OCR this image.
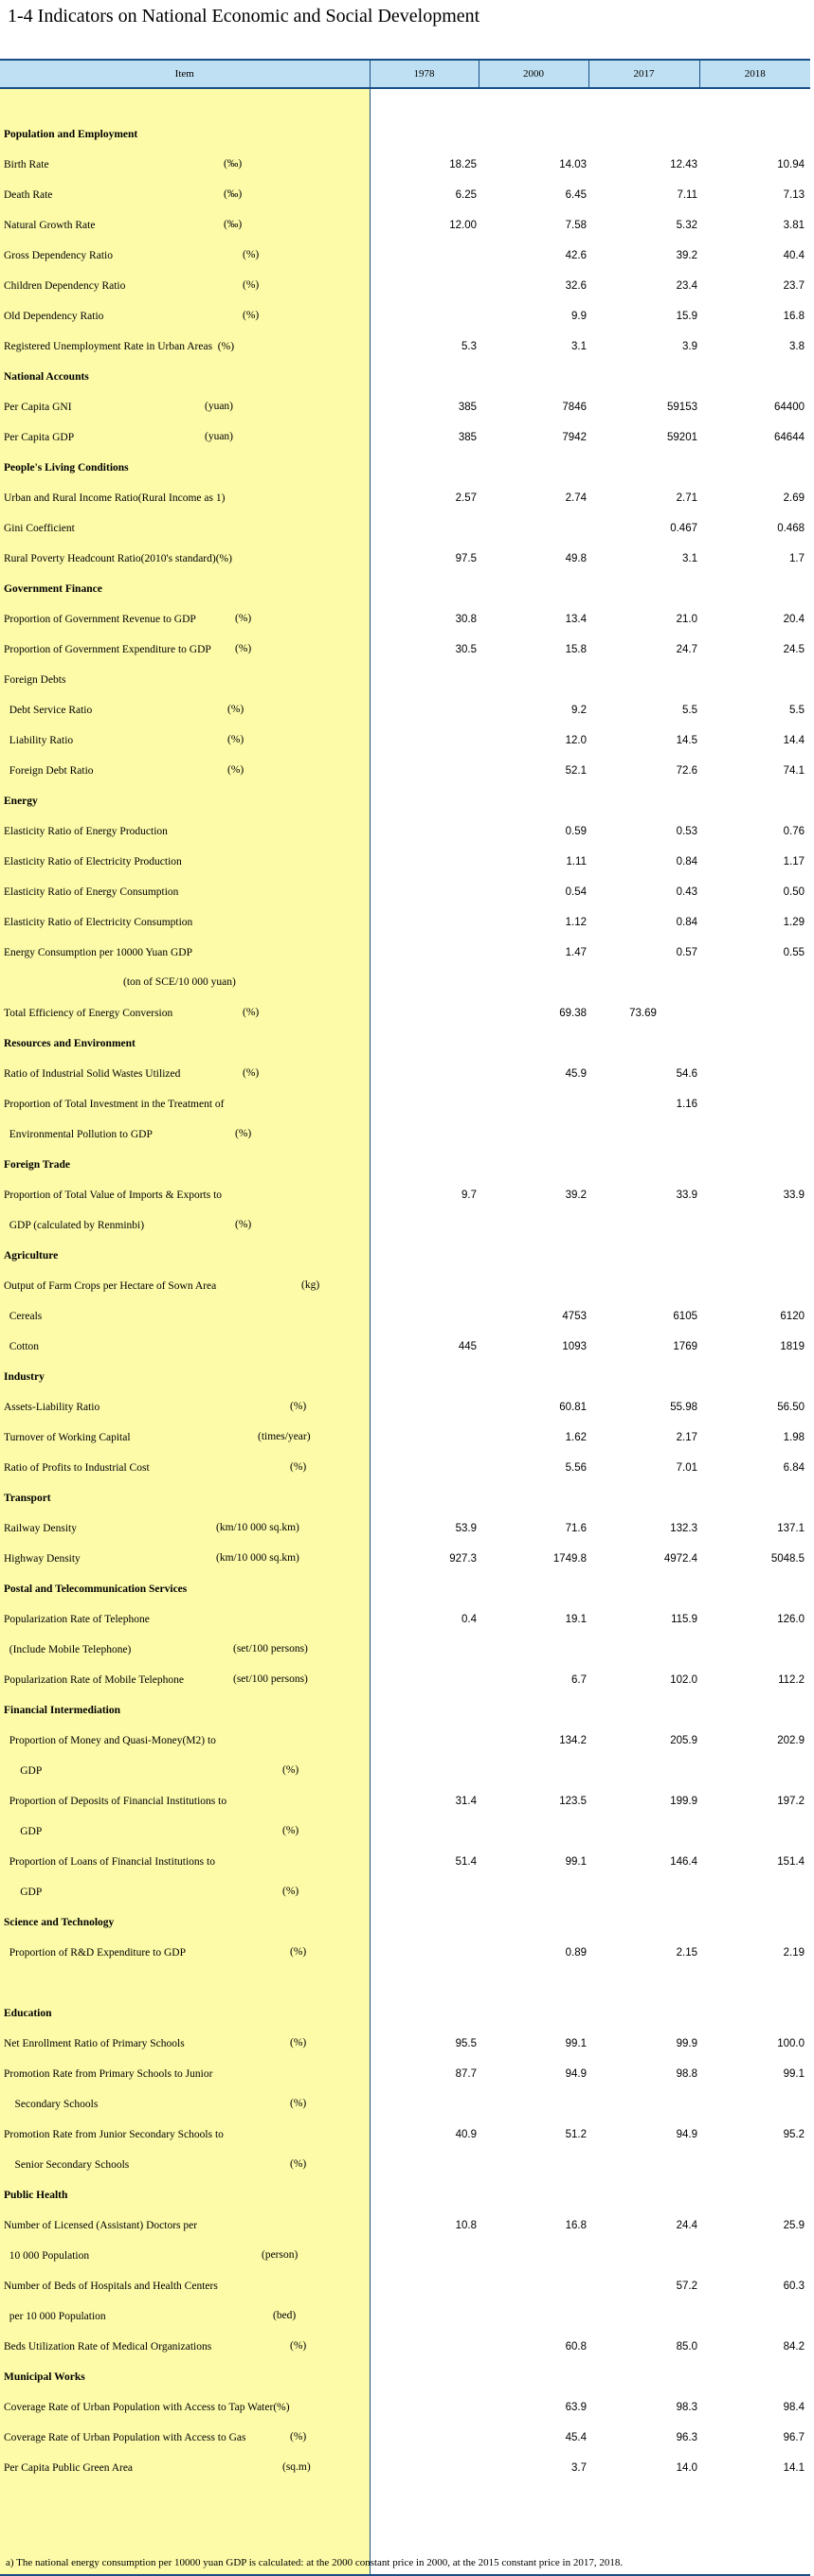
1-4 Indicators on National Economic and Social Development
Item	1978	2000	2017	2018

Population and Employment				
Birth Rate (‰)	18.25	14.03	12.43	10.94
Death Rate (‰)	6.25	6.45	7.11	7.13
Natural Growth Rate (‰)	12.00	7.58	5.32	3.81
Gross Dependency Ratio (%)		42.6	39.2	40.4
Children Dependency Ratio (%)		32.6	23.4	23.7
Old Dependency Ratio (%)		9.9	15.9	16.8
Registered Unemployment Rate in Urban Areas  (%)	5.3	3.1	3.9	3.8
National Accounts				
Per Capita GNI (yuan)	385	7846	59153	64400
Per Capita GDP (yuan)	385	7942	59201	64644
People's Living Conditions				
Urban and Rural Income Ratio(Rural Income as 1)	2.57	2.74	2.71	2.69
Gini Coefficient			0.467	0.468
Rural Poverty Headcount Ratio(2010's standard)(%)	97.5	49.8	3.1	1.7
Government Finance				
Proportion of Government Revenue to GDP (%)	30.8	13.4	21.0	20.4
Proportion of Government Expenditure to GDP (%)	30.5	15.8	24.7	24.5
Foreign Debts				
Debt Service Ratio (%)		9.2	5.5	5.5
Liability Ratio (%)		12.0	14.5	14.4
Foreign Debt Ratio (%)		52.1	72.6	74.1
Energy				
Elasticity Ratio of Energy Production		0.59	0.53	0.76
Elasticity Ratio of Electricity Production		1.11	0.84	1.17
Elasticity Ratio of Energy Consumption		0.54	0.43	0.50
Elasticity Ratio of Electricity Consumption		1.12	0.84	1.29
Energy Consumption per 10000 Yuan GDP		1.47	0.57	0.55

(ton of SCE/10 000 yuan)				

Total Efficiency of Energy Conversion (%)		69.38	73.69	
Resources and Environment				
Ratio of Industrial Solid Wastes Utilized (%)		45.9	54.6	
Proportion of Total Investment in the Treatment of			1.16	
Environmental Pollution to GDP (%)				

Foreign Trade				
Proportion of Total Value of Imports & Exports to	9.7	39.2	33.9	33.9
GDP (calculated by Renminbi) (%)				

Agriculture				
Output of Farm Crops per Hectare of Sown Area (kg)				

Cereals		4753	6105	6120
Cotton	445	1093	1769	1819
Industry				
Assets-Liability Ratio (%)		60.81	55.98	56.50
Turnover of Working Capital (times/year)		1.62	2.17	1.98
Ratio of Profits to Industrial Cost (%)		5.56	7.01	6.84
Transport				
Railway Density (km/10 000 sq.km)	53.9	71.6	132.3	137.1
Highway Density (km/10 000 sq.km)	927.3	1749.8	4972.4	5048.5
Postal and Telecommunication Services				
Popularization Rate of Telephone	0.4	19.1	115.9	126.0
(Include Mobile Telephone) (set/100 persons)				

Popularization Rate of Mobile Telephone (set/100 persons)		6.7	102.0	112.2
Financial Intermediation				
Proportion of Money and Quasi-Money(M2) to		134.2	205.9	202.9
GDP (%)				

Proportion of Deposits of Financial Institutions to	31.4	123.5	199.9	197.2
GDP (%)				

Proportion of Loans of Financial Institutions to	51.4	99.1	146.4	151.4
GDP (%)				

Science and Technology				
Proportion of R&D Expenditure to GDP (%)		0.89	2.15	2.19

Education				
Net Enrollment Ratio of Primary Schools (%)	95.5	99.1	99.9	100.0
Promotion Rate from Primary Schools to Junior	87.7	94.9	98.8	99.1
Secondary Schools (%)				

Promotion Rate from Junior Secondary Schools to	40.9	51.2	94.9	95.2
Senior Secondary Schools (%)				

Public Health				
Number of Licensed (Assistant) Doctors per	10.8	16.8	24.4	25.9
10 000 Population (person)				

Number of Beds of Hospitals and Health Centers			57.2	60.3
per 10 000 Population (bed)				

Beds Utilization Rate of Medical Organizations (%)		60.8	85.0	84.2
Municipal Works				
Coverage Rate of Urban Population with Access to Tap Water(%)		63.9	98.3	98.4
Coverage Rate of Urban Population with Access to Gas (%)		45.4	96.3	96.7
Per Capita Public Green Area (sq.m)		3.7	14.0	14.1

a) The national energy consumption per 10000 yuan GDP is calculated: at the 2000 constant price in 2000, at the 2015 constant price in 2017, 2018.
